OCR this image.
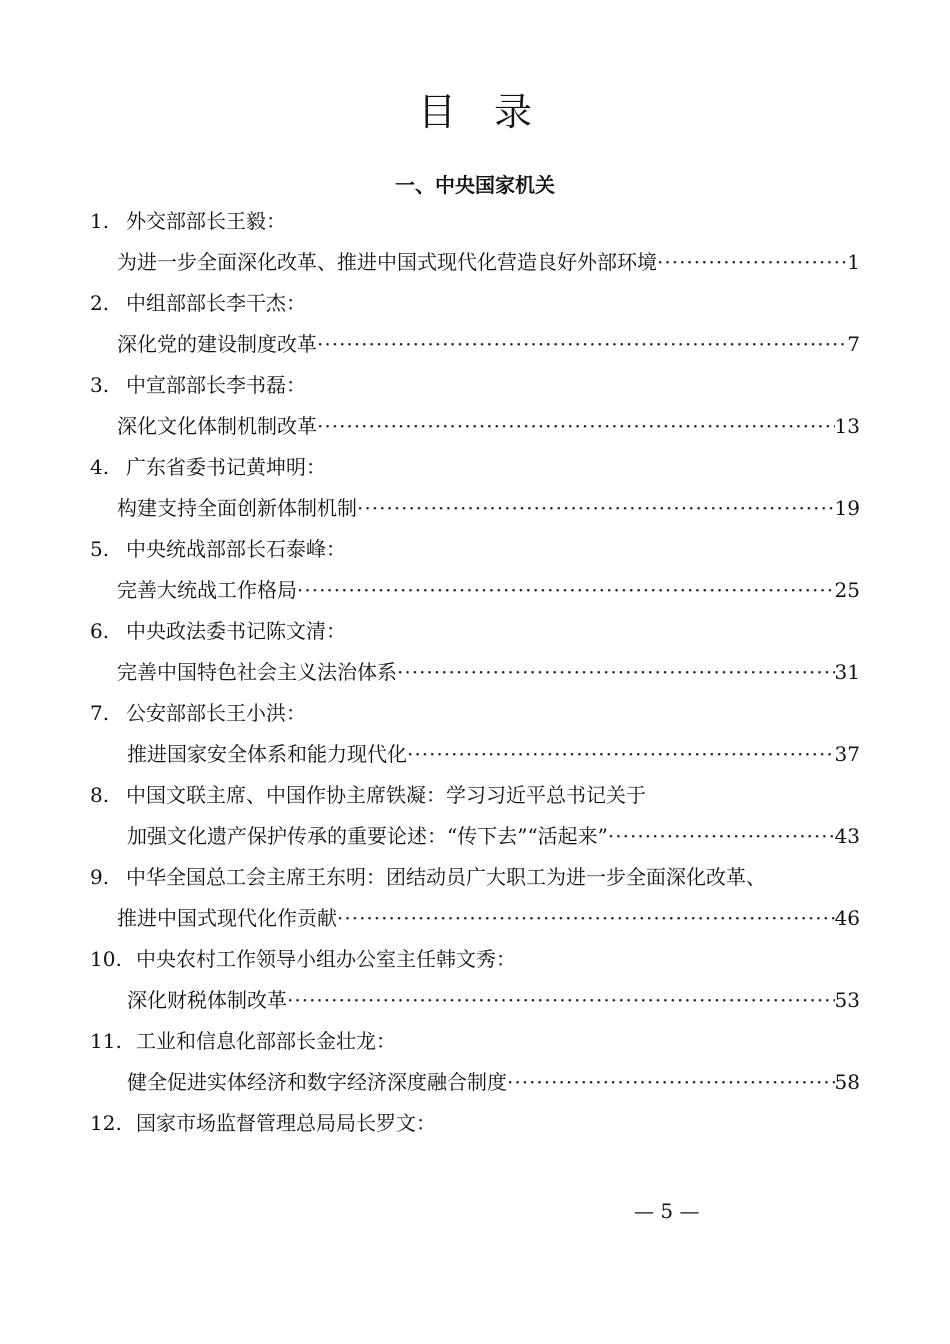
目录
一、中央国家机关
1. 外交部部长王毅：
为进一步全面深化改革、推进中国式现代化营造良好外部环境 ·····	1
2. 中组部部长李干杰：
深化党的建设制度改革 ·····	7
3. 中宣部部长李书磊：
深化文化体制机制改革 ·····	13
4. 广东省委书记黄坤明：
构建支持全面创新体制机制 ·····	19
5. 中央统战部部长石泰峰：
完善大统战工作格局 ·····	25
6. 中央政法委书记陈文清：
完善中国特色社会主义法治体系 ·····	31
7. 公安部部长王小洪：
推进国家安全体系和能力现代化 ·····	37
8. 中国文联主席、中国作协主席铁凝：学习习近平总书记关于
加强文化遗产保护传承的重要论述：“传下去”“活起来” ·····	43
9. 中华全国总工会主席王东明：团结动员广大职工为进一步全面深化改革、
推进中国式现代化作贡献 ·····	46
10. 中央农村工作领导小组办公室主任韩文秀：
深化财税体制改革 ·····	53
11. 工业和信息化部部长金壮龙：
健全促进实体经济和数字经济深度融合制度 ·····	58
12. 国家市场监督管理总局局长罗文：
— 5 —
